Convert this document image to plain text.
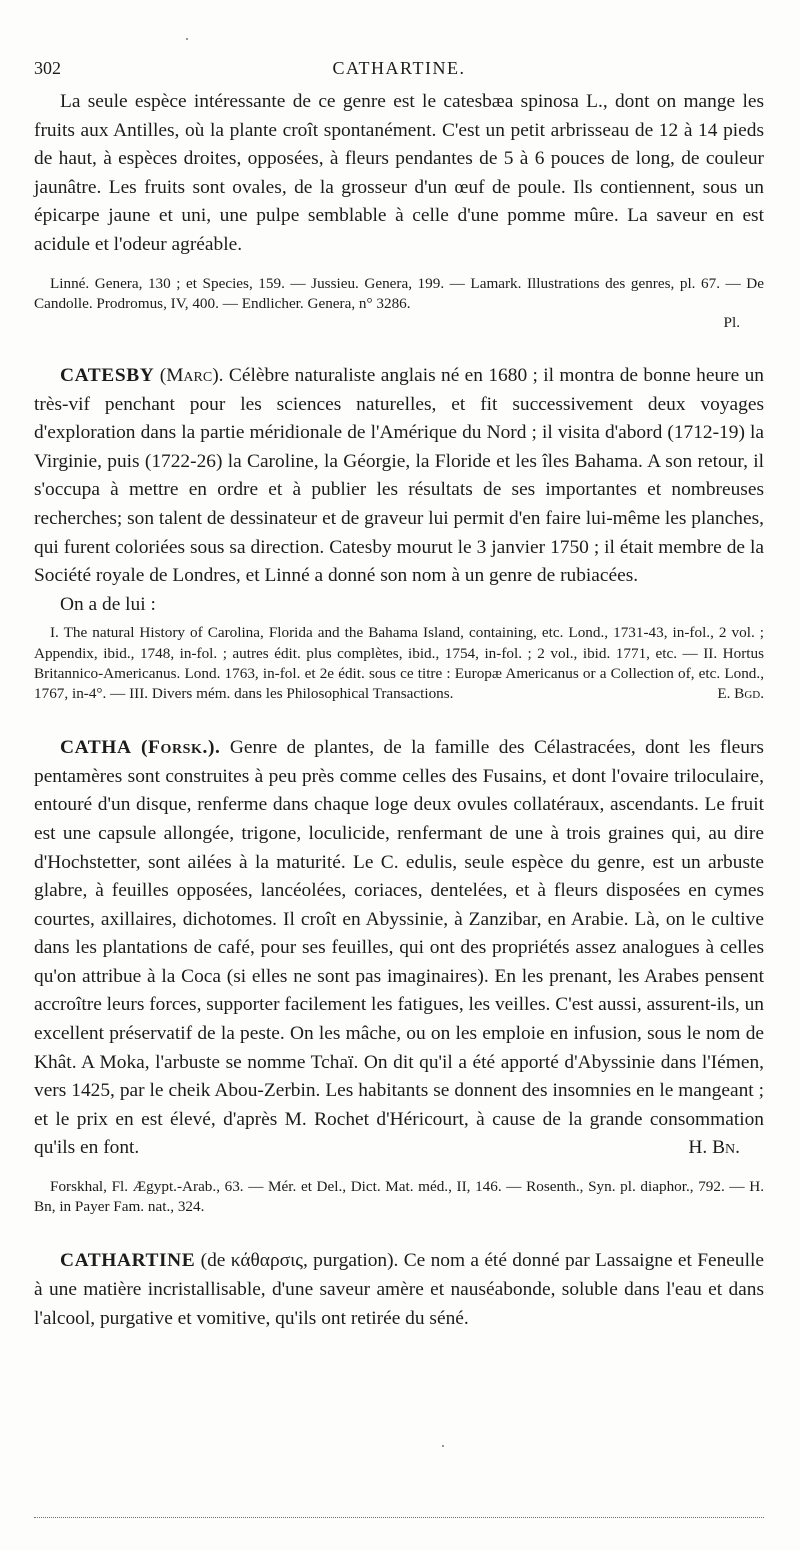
302	CATHARTINE.

La seule espèce intéressante de ce genre est le catesbæa spinosa L., dont on mange les fruits aux Antilles, où la plante croît spontanément. C'est un petit arbrisseau de 12 à 14 pieds de haut, à espèces droites, opposées, à fleurs pendantes de 5 à 6 pouces de long, de couleur jaunâtre. Les fruits sont ovales, de la grosseur d'un œuf de poule. Ils contiennent, sous un épicarpe jaune et uni, une pulpe semblable à celle d'une pomme mûre. La saveur en est acidule et l'odeur agréable.

Linné. Genera, 130 ; et Species, 159. — Jussieu. Genera, 199. — Lamark. Illustrations des genres, pl. 67. — De Candolle. Prodromus, IV, 400. — Endlicher. Genera, n° 3286.

Pl.

CATESBY (Marc). Célèbre naturaliste anglais né en 1680 ; il montra de bonne heure un très-vif penchant pour les sciences naturelles, et fit successivement deux voyages d'exploration dans la partie méridionale de l'Amérique du Nord ; il visita d'abord (1712-19) la Virginie, puis (1722-26) la Caroline, la Géorgie, la Floride et les îles Bahama. A son retour, il s'occupa à mettre en ordre et à publier les résultats de ses importantes et nombreuses recherches; son talent de dessinateur et de graveur lui permit d'en faire lui-même les planches, qui furent coloriées sous sa direction. Catesby mourut le 3 janvier 1750 ; il était membre de la Société royale de Londres, et Linné a donné son nom à un genre de rubiacées.

On a de lui :

I. The natural History of Carolina, Florida and the Bahama Island, containing, etc. Lond., 1731-43, in-fol., 2 vol. ; Appendix, ibid., 1748, in-fol. ; autres édit. plus complètes, ibid., 1754, in-fol. ; 2 vol., ibid. 1771, etc. — II. Hortus Britannico-Americanus. Lond. 1763, in-fol. et 2e édit. sous ce titre : Europæ Americanus or a Collection of, etc. Lond., 1767, in-4°. — III. Divers mém. dans les Philosophical Transactions.	E. Bgd.

CATHA (Forsk.). Genre de plantes, de la famille des Célastracées, dont les fleurs pentamères sont construites à peu près comme celles des Fusains, et dont l'ovaire triloculaire, entouré d'un disque, renferme dans chaque loge deux ovules collatéraux, ascendants. Le fruit est une capsule allongée, trigone, loculicide, renfermant de une à trois graines qui, au dire d'Hochstetter, sont ailées à la maturité. Le C. edulis, seule espèce du genre, est un arbuste glabre, à feuilles opposées, lancéolées, coriaces, dentelées, et à fleurs disposées en cymes courtes, axillaires, dichotomes. Il croît en Abyssinie, à Zanzibar, en Arabie. Là, on le cultive dans les plantations de café, pour ses feuilles, qui ont des propriétés assez analogues à celles qu'on attribue à la Coca (si elles ne sont pas imaginaires). En les prenant, les Arabes pensent accroître leurs forces, supporter facilement les fatigues, les veilles. C'est aussi, assurent-ils, un excellent préservatif de la peste. On les mâche, ou on les emploie en infusion, sous le nom de Khât. A Moka, l'arbuste se nomme Tchaï. On dit qu'il a été apporté d'Abyssinie dans l'Iémen, vers 1425, par le cheik Abou-Zerbin. Les habitants se donnent des insomnies en le mangeant ; et le prix en est élevé, d'après M. Rochet d'Héricourt, à cause de la grande consommation qu'ils en font.	H. Bn.

Forskhal, Fl. Ægypt.-Arab., 63. — Mér. et Del., Dict. Mat. méd., II, 146. — Rosenth., Syn. pl. diaphor., 792. — H. Bn, in Payer Fam. nat., 324.

CATHARTINE (de κάθαρσις, purgation). Ce nom a été donné par Lassaigne et Feneulle à une matière incristallisable, d'une saveur amère et nauséabonde, soluble dans l'eau et dans l'alcool, purgative et vomitive, qu'ils ont retirée du séné.
